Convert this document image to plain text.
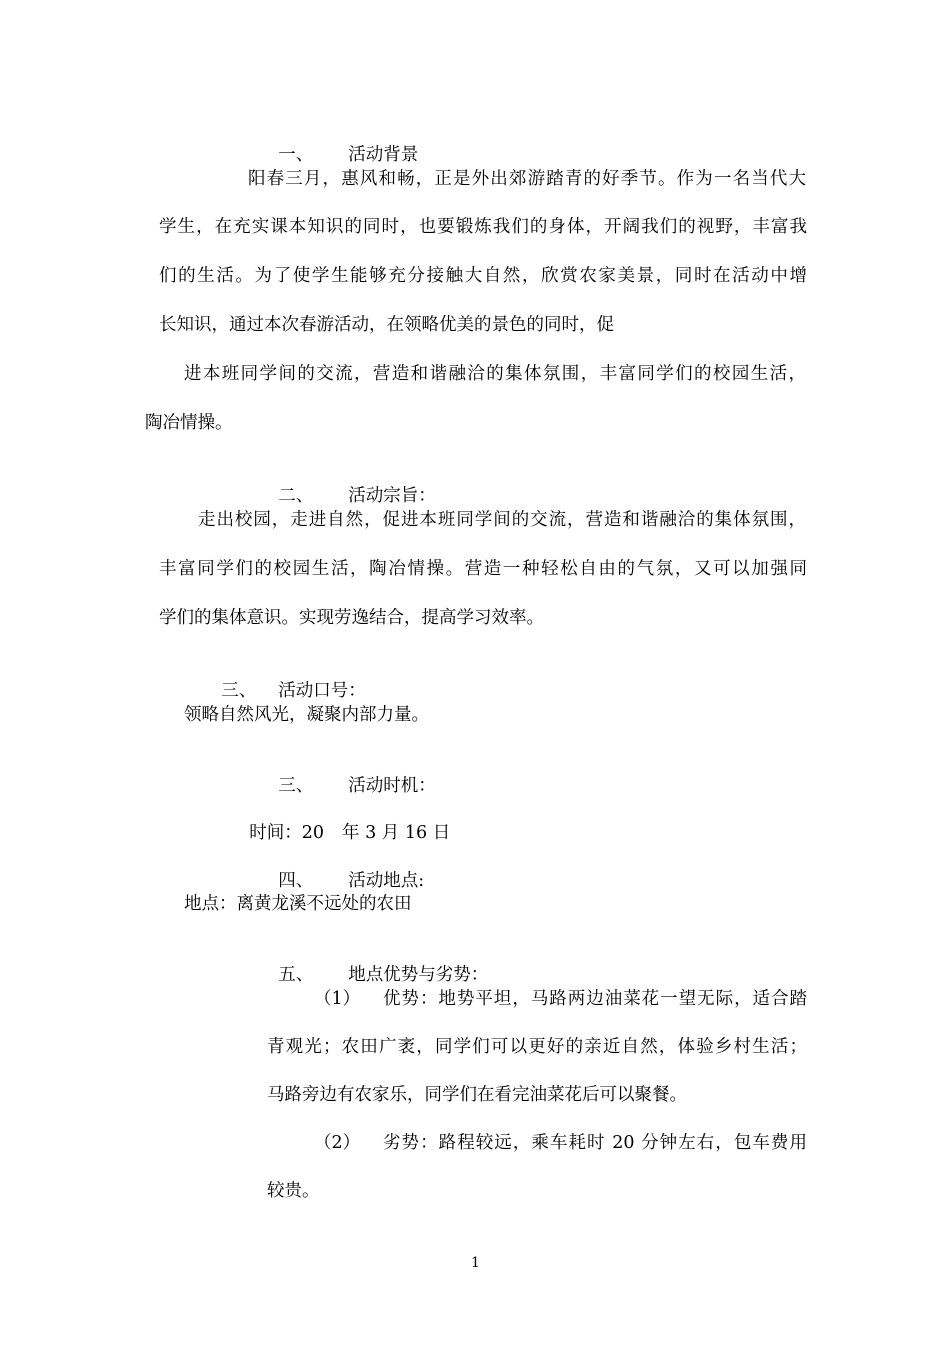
一、 活动背景

阳春三月，惠风和畅，正是外出郊游踏青的好季节。作为一名当代大
学生，在充实课本知识的同时，也要锻炼我们的身体，开阔我们的视野，丰富我
们的生活。为了使学生能够充分接触大自然，欣赏农家美景，同时在活动中增
长知识，通过本次春游活动，在领略优美的景色的同时，促
进本班同学间的交流，营造和谐融洽的集体氛围，丰富同学们的校园生活，
陶冶情操。

二、 活动宗旨：

走出校园，走进自然，促进本班同学间的交流，营造和谐融洽的集体氛围，
丰富同学们的校园生活，陶冶情操。营造一种轻松自由的气氛，又可以加强同
学们的集体意识。实现劳逸结合，提高学习效率。

三、 活动口号：

领略自然风光，凝聚内部力量。

三、 活动时机：

时间：20 年 3 月 16 日

四、 活动地点:

地点：离黄龙溪不远处的农田

五、 地点优势与劣势：

（1） 优势：地势平坦，马路两边油菜花一望无际，适合踏
青观光；农田广袤，同学们可以更好的亲近自然，体验乡村生活；
马路旁边有农家乐，同学们在看完油菜花后可以聚餐。
（2） 劣势：路程较远，乘车耗时 20 分钟左右，包车费用
较贵。
1
